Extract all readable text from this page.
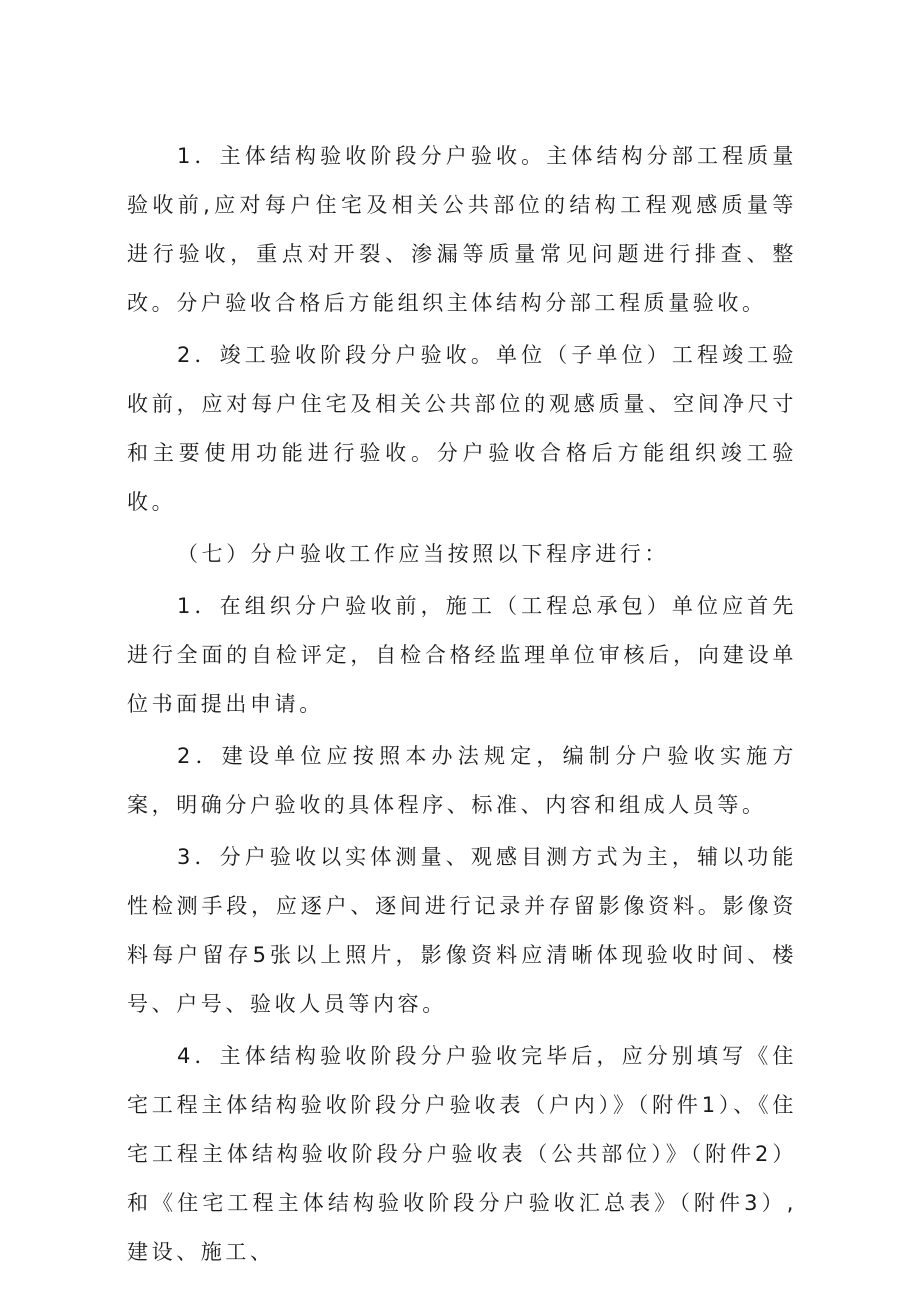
1．主体结构验收阶段分户验收。主体结构分部工程质量验收前,应对每户住宅及相关公共部位的结构工程观感质量等进行验收，重点对开裂、渗漏等质量常见问题进行排查、整改。分户验收合格后方能组织主体结构分部工程质量验收。

2．竣工验收阶段分户验收。单位（子单位）工程竣工验收前，应对每户住宅及相关公共部位的观感质量、空间净尺寸和主要使用功能进行验收。分户验收合格后方能组织竣工验收。

（七）分户验收工作应当按照以下程序进行：

1．在组织分户验收前，施工（工程总承包）单位应首先进行全面的自检评定，自检合格经监理单位审核后，向建设单位书面提出申请。

2．建设单位应按照本办法规定，编制分户验收实施方案，明确分户验收的具体程序、标准、内容和组成人员等。

3．分户验收以实体测量、观感目测方式为主，辅以功能性检测手段，应逐户、逐间进行记录并存留影像资料。影像资料每户留存5张以上照片，影像资料应清晰体现验收时间、楼号、户号、验收人员等内容。

4．主体结构验收阶段分户验收完毕后，应分别填写《住宅工程主体结构验收阶段分户验收表（户内）》（附件1）、《住宅工程主体结构验收阶段分户验收表（公共部位）》（附件2）和《住宅工程主体结构验收阶段分户验收汇总表》（附件3）,建设、施工、
